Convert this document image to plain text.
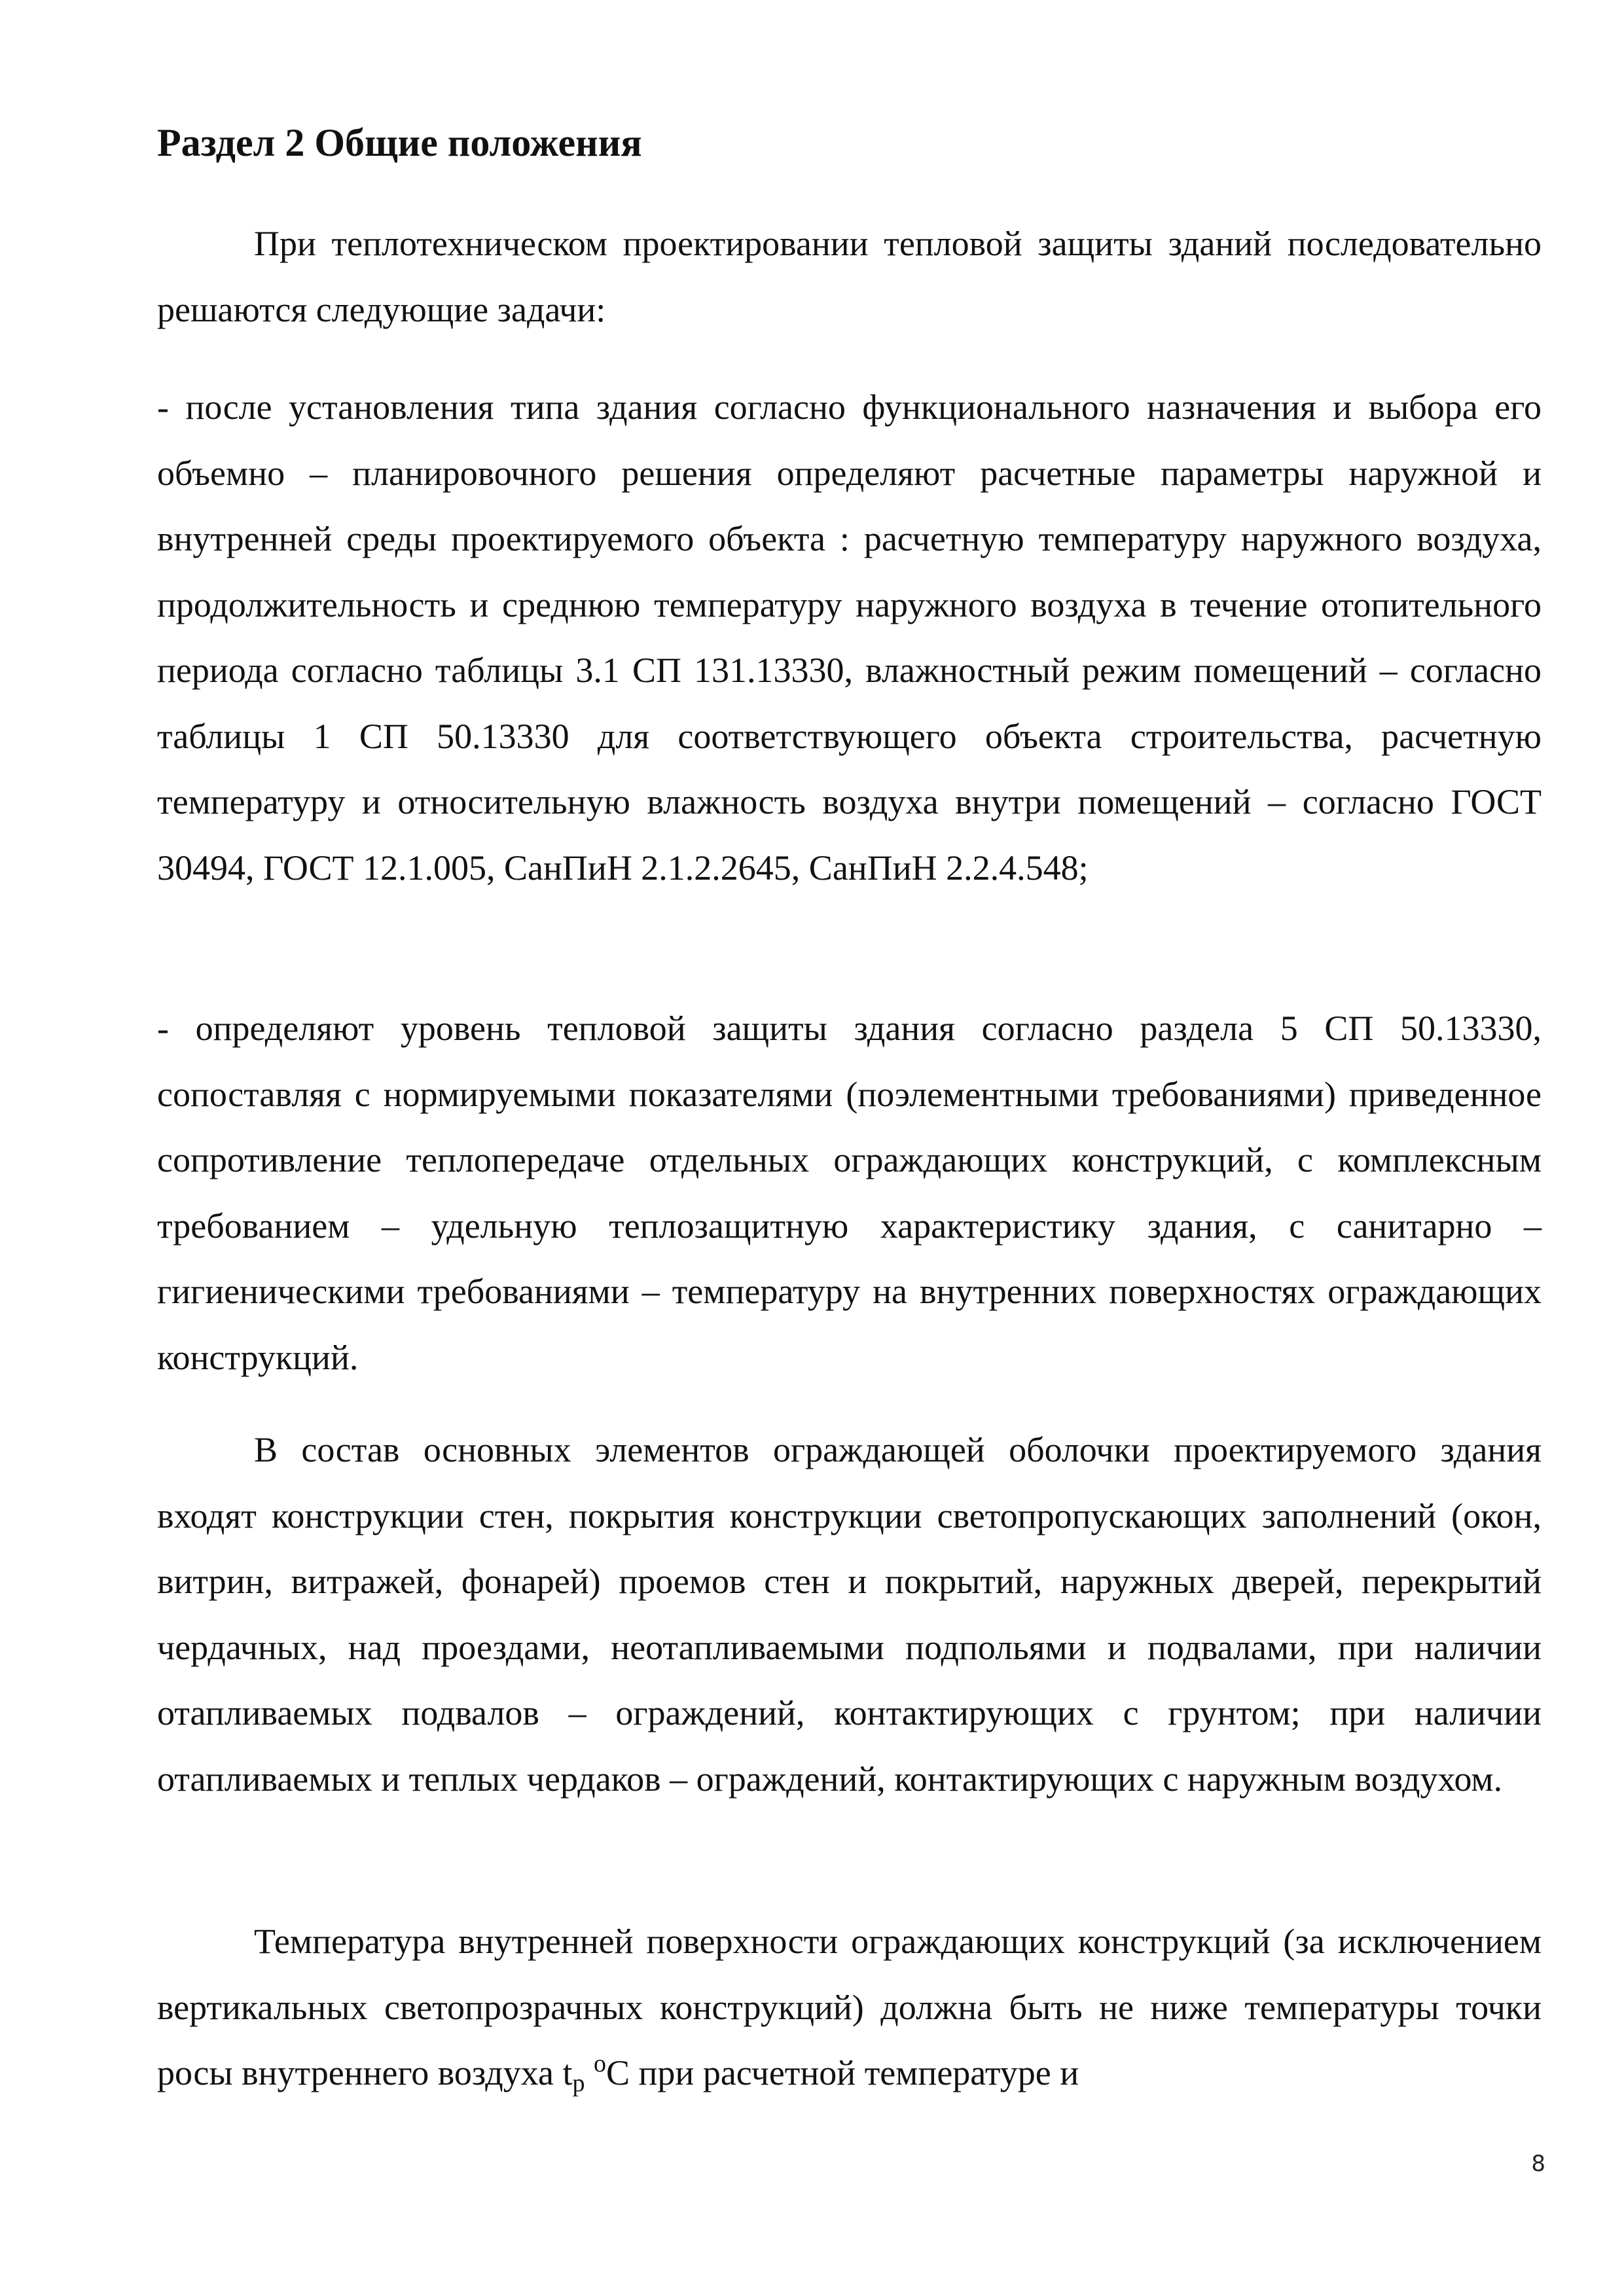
Раздел 2 Общие положения

При теплотехническом проектировании тепловой защиты зданий последовательно решаются следующие задачи:

- после установления типа здания согласно функционального назначения и выбора его объемно – планировочного решения определяют расчетные параметры наружной и внутренней среды проектируемого объекта : расчетную температуру наружного воздуха, продолжительность и среднюю температуру наружного воздуха в течение отопительного периода согласно таблицы 3.1 СП 131.13330, влажностный режим помещений – согласно таблицы 1 СП 50.13330 для соответствующего объекта строительства, расчетную температуру и относительную влажность воздуха внутри помещений – согласно ГОСТ 30494, ГОСТ 12.1.005, СанПиН 2.1.2.2645, СанПиН 2.2.4.548;

- определяют уровень тепловой защиты здания согласно раздела 5 СП 50.13330, сопоставляя с нормируемыми показателями (поэлементными требованиями) приведенное сопротивление теплопередаче отдельных ограждающих конструкций, с комплексным требованием – удельную теплозащитную характеристику здания, с санитарно – гигиеническими требованиями – температуру на внутренних поверхностях ограждающих конструкций.

В состав основных элементов ограждающей оболочки проектируемого здания входят конструкции стен, покрытия конструкции светопропускающих заполнений (окон, витрин, витражей, фонарей) проемов стен и покрытий, наружных дверей, перекрытий чердачных, над проездами, неотапливаемыми подпольями и подвалами, при наличии отапливаемых подвалов – ограждений, контактирующих с грунтом; при наличии отапливаемых и теплых чердаков – ограждений, контактирующих с наружным воздухом.

Температура внутренней поверхности ограждающих конструкций (за исключением вертикальных светопрозрачных конструкций) должна быть не ниже температуры точки росы внутреннего воздуха $t_р$ $^о$С при расчетной температуре и

8
